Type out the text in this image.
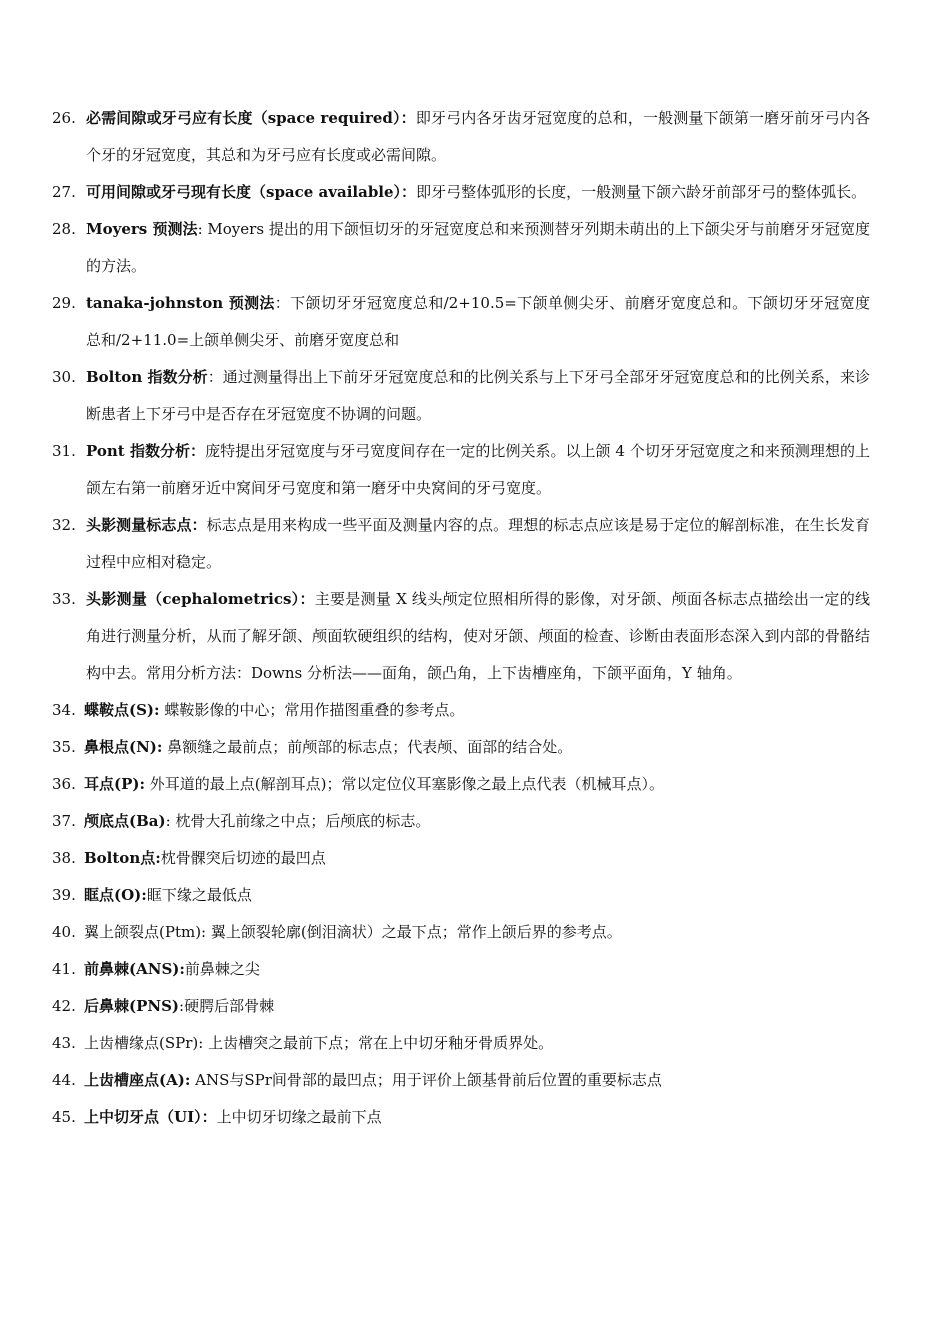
26. 必需间隙或牙弓应有长度（space required）：即牙弓内各牙齿牙冠宽度的总和，一般测量下颌第一磨牙前牙弓内各个牙的牙冠宽度，其总和为牙弓应有长度或必需间隙。
27. 可用间隙或牙弓现有长度（space available）：即牙弓整体弧形的长度，一般测量下颌六龄牙前部牙弓的整体弧长。
28. Moyers 预测法: Moyers 提出的用下颌恒切牙的牙冠宽度总和来预测替牙列期未萌出的上下颌尖牙与前磨牙牙冠宽度的方法。
29. tanaka-johnston 预测法：下颌切牙牙冠宽度总和/2+10.5=下颌单侧尖牙、前磨牙宽度总和。下颌切牙牙冠宽度总和/2+11.0=上颌单侧尖牙、前磨牙宽度总和
30. Bolton 指数分析：通过测量得出上下前牙牙冠宽度总和的比例关系与上下牙弓全部牙牙冠宽度总和的比例关系，来诊断患者上下牙弓中是否存在牙冠宽度不协调的问题。
31. Pont 指数分析：庞特提出牙冠宽度与牙弓宽度间存在一定的比例关系。以上颌 4 个切牙牙冠宽度之和来预测理想的上颌左右第一前磨牙近中窝间牙弓宽度和第一磨牙中央窝间的牙弓宽度。
32. 头影测量标志点：标志点是用来构成一些平面及测量内容的点。理想的标志点应该是易于定位的解剖标准，在生长发育过程中应相对稳定。
33. 头影测量（cephalometrics）：主要是测量 X 线头颅定位照相所得的影像，对牙颌、颅面各标志点描绘出一定的线角进行测量分析，从而了解牙颌、颅面软硬组织的结构，使对牙颌、颅面的检查、诊断由表面形态深入到内部的骨骼结构中去。常用分析方法：Downs 分析法——面角，颌凸角，上下齿槽座角，下颌平面角，Y 轴角。
34. 蝶鞍点(S): 蝶鞍影像的中心；常用作描图重叠的参考点。
35. 鼻根点(N): 鼻额缝之最前点；前颅部的标志点；代表颅、面部的结合处。
36. 耳点(P): 外耳道的最上点(解剖耳点)；常以定位仪耳塞影像之最上点代表（机械耳点）。
37. 颅底点(Ba): 枕骨大孔前缘之中点；后颅底的标志。
38. Bolton点:枕骨髁突后切迹的最凹点
39. 眶点(O):眶下缘之最低点
40. 翼上颌裂点(Ptm): 翼上颌裂轮廓(倒泪滴状）之最下点；常作上颌后界的参考点。
41. 前鼻棘(ANS):前鼻棘之尖
42. 后鼻棘(PNS):硬腭后部骨棘
43. 上齿槽缘点(SPr): 上齿槽突之最前下点；常在上中切牙釉牙骨质界处。
44. 上齿槽座点(A): ANS与SPr间骨部的最凹点；用于评价上颌基骨前后位置的重要标志点
45. 上中切牙点（UI）：上中切牙切缘之最前下点
